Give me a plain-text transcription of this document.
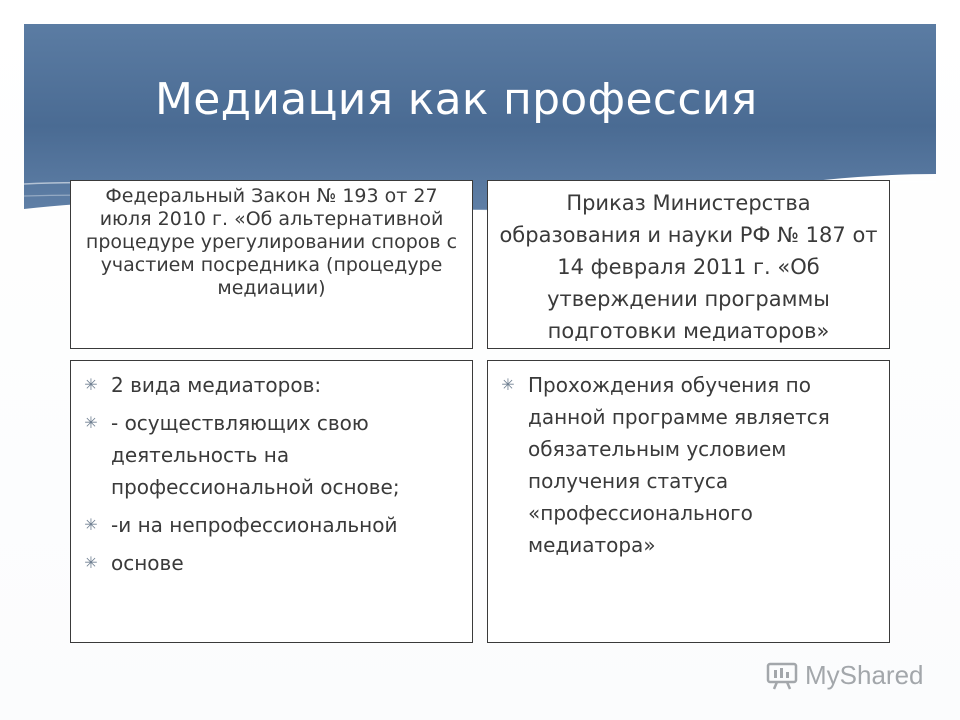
Медиация как профессия
Федеральный Закон № 193 от 27 июля 2010 г. «Об альтернативной процедуре урегулировании споров с участием посредника (процедуре медиации)
Приказ Министерства образования и науки РФ № 187 от 14 февраля 2011 г. «Об утверждении программы подготовки медиаторов»
✳ 2 вида медиаторов:
✳ - осуществляющих свою деятельность на профессиональной основе;
✳ -и на непрофессиональной
✳ основе
✳ Прохождения обучения по данной программе является обязательным условием получения статуса «профессионального медиатора»
MyShared
